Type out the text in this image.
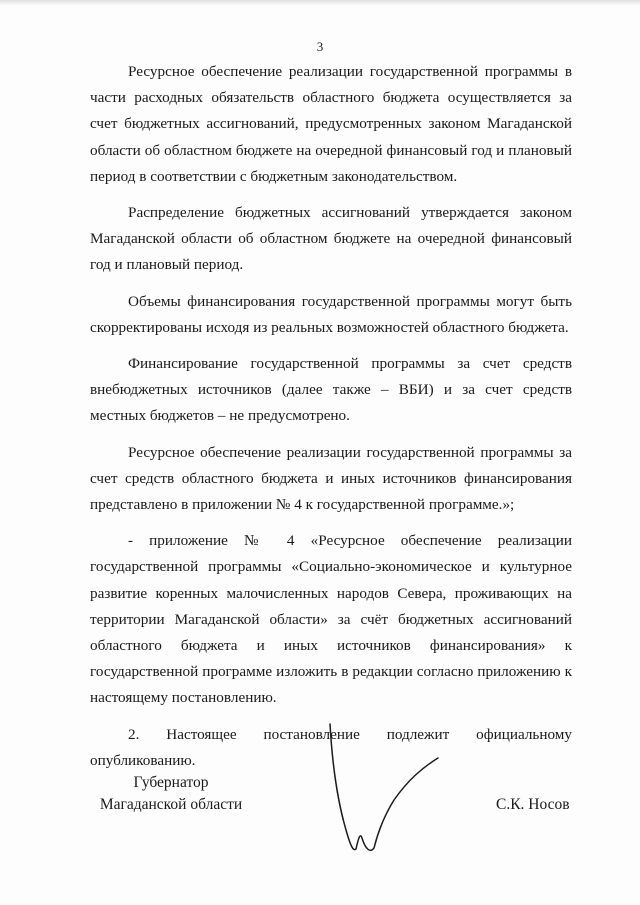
3

Ресурсное обеспечение реализации государственной программы в части расходных обязательств областного бюджета осуществляется за счет бюджетных ассигнований, предусмотренных законом Магаданской области об областном бюджете на очередной финансовый год и плановый период в соответствии с бюджетным законодательством.

Распределение бюджетных ассигнований утверждается законом Магаданской области об областном бюджете на очередной финансовый год и плановый период.

Объемы финансирования государственной программы могут быть скорректированы исходя из реальных возможностей областного бюджета.

Финансирование государственной программы за счет средств внебюджетных источников (далее также – ВБИ) и за счет средств местных бюджетов – не предусмотрено.

Ресурсное обеспечение реализации государственной программы за счет средств областного бюджета и иных источников финансирования представлено в приложении № 4 к государственной программе.»;

- приложение № 4 «Ресурсное обеспечение реализации государственной программы «Социально-экономическое и культурное развитие коренных малочисленных народов Севера, проживающих на территории Магаданской области» за счёт бюджетных ассигнований областного бюджета и иных источников финансирования» к государственной программе изложить в редакции согласно приложению к настоящему постановлению.

2. Настоящее постановление подлежит официальному опубликованию.

Губернатор
Магаданской области	С.К. Носов
